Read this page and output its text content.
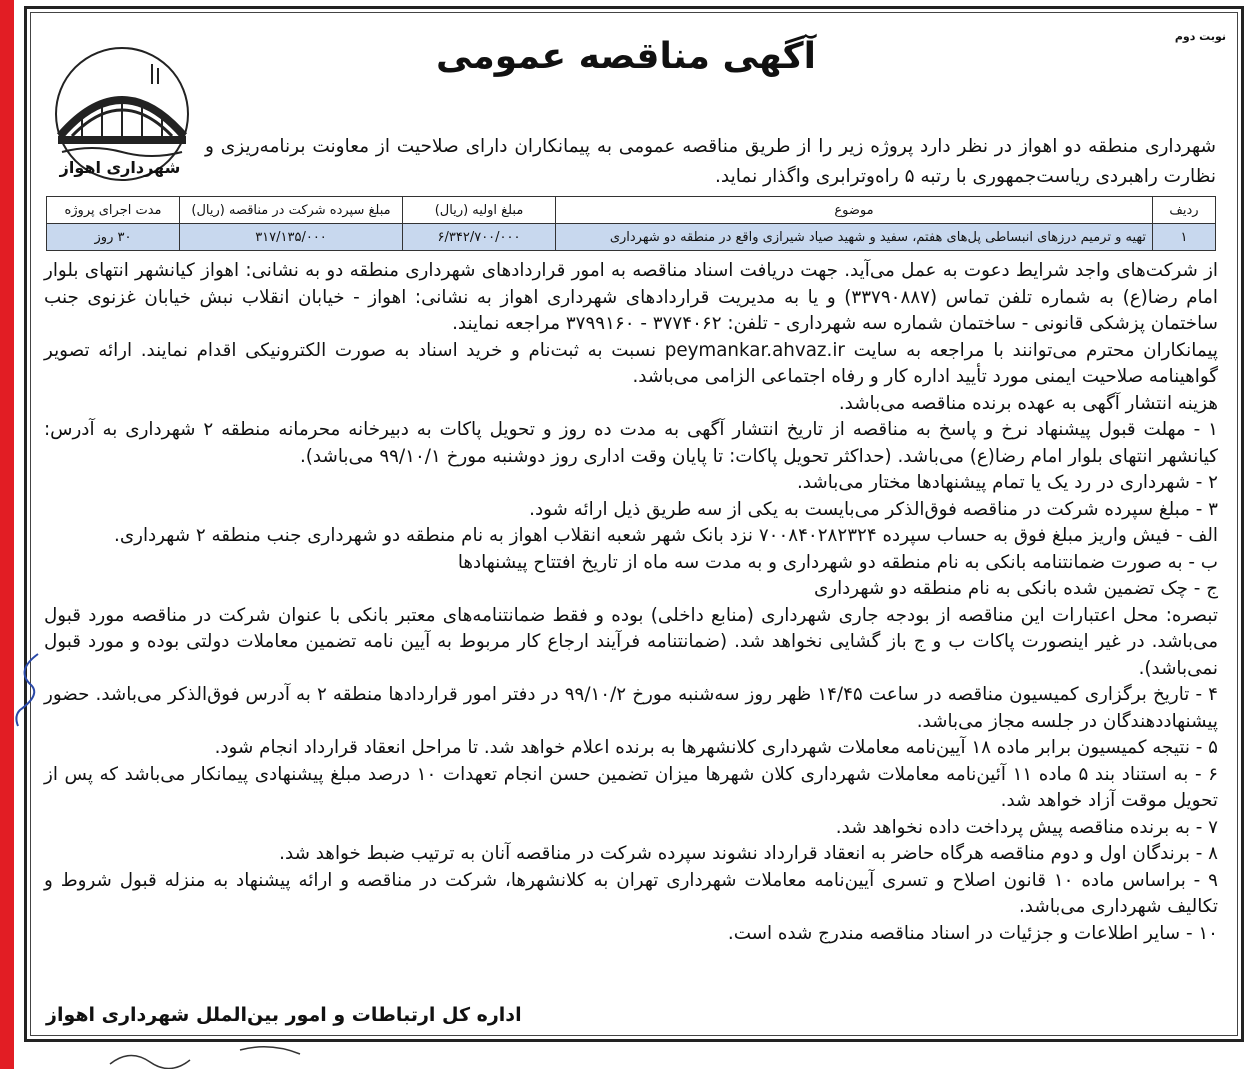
نوبت دوم
آگهی مناقصه عمومی
شهرداری اهواز
شهرداری منطقه دو اهواز در نظر دارد پروژه زیر را از طریق مناقصه عمومی به پیمانکاران دارای صلاحیت از معاونت برنامه‌ریزی و نظارت راهبردی ریاست‌جمهوری با رتبه ۵ راه‌وترابری واگذار نماید.
ردیف	موضوع	مبلغ اولیه (ریال)	مبلغ سپرده شرکت در مناقصه (ریال)	مدت اجرای پروژه
۱	تهیه و ترمیم درزهای انبساطی پل‌های هفتم، سفید و شهید صیاد شیرازی واقع در منطقه دو شهرداری	۶/۳۴۲/۷۰۰/۰۰۰	۳۱۷/۱۳۵/۰۰۰	۳۰ روز

از شرکت‌های واجد شرایط دعوت به عمل می‌آید. جهت دریافت اسناد مناقصه به امور قراردادهای شهرداری منطقه دو به نشانی: اهواز کیانشهر انتهای بلوار امام رضا(ع) به شماره تلفن تماس (۳۳۷۹۰۸۸۷) و یا به مدیریت قراردادهای شهرداری اهواز به نشانی: اهواز - خیابان انقلاب نبش خیابان غزنوی جنب ساختمان پزشکی قانونی - ساختمان شماره سه شهرداری - تلفن: ۳۷۷۴۰۶۲ - ۳۷۹۹۱۶۰ مراجعه نمایند.

پیمانکاران محترم می‌توانند با مراجعه به سایت peymankar.ahvaz.ir نسبت به ثبت‌نام و خرید اسناد به صورت الکترونیکی اقدام نمایند. ارائه تصویر گواهینامه صلاحیت ایمنی مورد تأیید اداره کار و رفاه اجتماعی الزامی می‌باشد.

هزینه انتشار آگهی به عهده برنده مناقصه می‌باشد.

۱ - مهلت قبول پیشنهاد نرخ و پاسخ به مناقصه از تاریخ انتشار آگهی به مدت ده روز و تحویل پاکات به دبیرخانه محرمانه منطقه ۲ شهرداری به آدرس: کیانشهر انتهای بلوار امام رضا(ع) می‌باشد. (حداکثر تحویل پاکات: تا پایان وقت اداری روز دوشنبه مورخ ۹۹/۱۰/۱ می‌باشد).

۲ - شهرداری در رد یک یا تمام پیشنهادها مختار می‌باشد.

۳ - مبلغ سپرده شرکت در مناقصه فوق‌الذکر می‌بایست به یکی از سه طریق ذیل ارائه شود.

الف - فیش واریز مبلغ فوق به حساب سپرده ۷۰۰۸۴۰۲۸۲۳۲۴ نزد بانک شهر شعبه انقلاب اهواز به نام منطقه دو شهرداری جنب منطقه ۲ شهرداری.

ب - به صورت ضمانتنامه بانکی به نام منطقه دو شهرداری و به مدت سه ماه از تاریخ افتتاح پیشنهادها

ج - چک تضمین شده بانکی به نام منطقه دو شهرداری

تبصره: محل اعتبارات این مناقصه از بودجه جاری شهرداری (منابع داخلی) بوده و فقط ضمانتنامه‌های معتبر بانکی با عنوان شرکت در مناقصه مورد قبول می‌باشد. در غیر اینصورت پاکات ب و ج باز گشایی نخواهد شد. (ضمانتنامه فرآیند ارجاع کار مربوط به آیین نامه تضمین معاملات دولتی بوده و مورد قبول نمی‌باشد).

۴ - تاریخ برگزاری کمیسیون مناقصه در ساعت ۱۴/۴۵ ظهر روز سه‌شنبه مورخ ۹۹/۱۰/۲ در دفتر امور قراردادها منطقه ۲ به آدرس فوق‌الذکر می‌باشد. حضور پیشنهاددهندگان در جلسه مجاز می‌باشد.

۵ - نتیجه کمیسیون برابر ماده ۱۸ آیین‌نامه معاملات شهرداری کلانشهرها به برنده اعلام خواهد شد. تا مراحل انعقاد قرارداد انجام شود.

۶ - به استناد بند ۵ ماده ۱۱ آئین‌نامه معاملات شهرداری کلان شهرها میزان تضمین حسن انجام تعهدات ۱۰ درصد مبلغ پیشنهادی پیمانکار می‌باشد که پس از تحویل موقت آزاد خواهد شد.

۷ - به برنده مناقصه پیش پرداخت داده نخواهد شد.

۸ - برندگان اول و دوم مناقصه هرگاه حاضر به انعقاد قرارداد نشوند سپرده شرکت در مناقصه آنان به ترتیب ضبط خواهد شد.

۹ - براساس ماده ۱۰ قانون اصلاح و تسری آیین‌نامه معاملات شهرداری تهران به کلانشهرها، شرکت در مناقصه و ارائه پیشنهاد به منزله قبول شروط و تکالیف شهرداری می‌باشد.

۱۰ - سایر اطلاعات و جزئیات در اسناد مناقصه مندرج شده است.

اداره کل ارتباطات و امور بین‌الملل شهرداری اهواز
